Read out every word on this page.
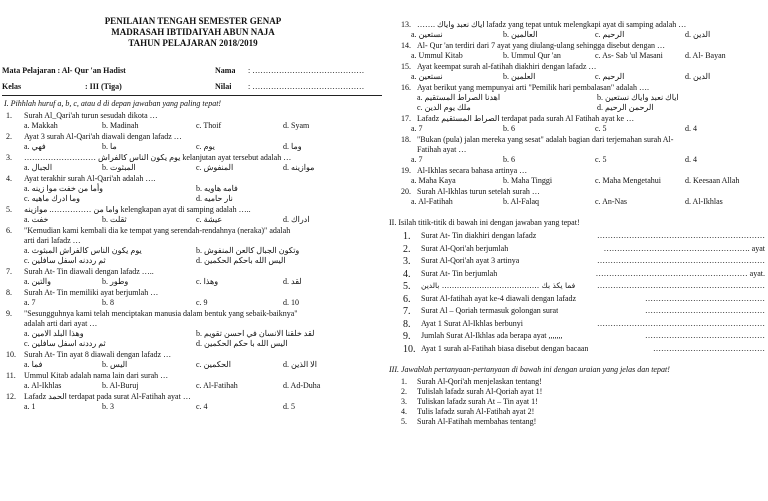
PENILAIAN TENGAH SEMESTER GENAP
MADRASAH IBTIDAIYAH ABUN NAJA
TAHUN PELAJARAN 2018/2019
Mata Pelajaran : Al- Qur 'an Hadist	Nama : ……………………………………
Kelas	: III (Tiga)	Nilai : ……………………………………
I. Pihhlah huruf a, b, c, atau d di depan jawaban yang paling tepat!
1. Surah Al_Qari'ah turun sesudah dikota …
a. Makkah	b. Madinah	c. Thoif	d. Syam
2. Ayat 3 surah Al-Qari'ah diawali dengan lafadz …
a. فهي	b. ما	c. يوم	d. وما
3. ……………………… يوم يكون الناس كالفراش kelanjutan ayat tersebut adalah …
a. الجبال	b. المبثوت	c. المنفوش	d. موازينه
4. Ayat terakhir surah Al-Qari'ah adalah ….
a. وأما من خفت موا زينه	b. فامه هاويه
c. وما ادرك ماهيه	d. نار حاميه
5. وأما من ……………. موازينه kelengkapan ayat di samping adalah …..
a. خفت	b. ثقلت	c. عيشة	d. ادراك
6. "Kemudian kami kembali dia ke tempat yang serendah-rendahnya (neraka)" adalah
arti dari lafadz …
a. يوم يكون الناس كالفراش المبثوث	b. وتكون الجبال كالعن المنفوش
c. ثم رددنه اسفل سافلين	d. اليس الله باحكم الحكمين
7. Surah At- Tin diawali dengan lafadz …..
a. والتين	b. وطور	c. وهذا	d. لقد
8. Surah At- Tin memiliki ayat berjumlah …
a. 7	b. 8	c. 9	d. 10
9. "Sesungguhnya kami telah menciptakan manusia dalam bentuk yang sebaik-baiknya"
adalah arti dari ayat …
a. وهذا البلد الامين	b. لقد خلقنا الانسان في احسن تقويم
c. ثم رددنه اسفل سافلين	d. اليس الله با حكم الحكمين
10. Surah At- Tin ayat 8 diawali dengan lafadz …
a. فما	b. اليس	c. الحكمين	d. الا الذين
11. Ummul Kitab adalah nama lain dari surah …
a. Al-Ikhlas	b. Al-Buruj	c. Al-Fatihah	d. Ad-Duha
12. Lafadz الحمد terdapat pada surat Al-Fatihah ayat …
a. 1	b. 3	c. 4	d. 5
13. ……. اياك نعبد واياك lafadz yang tepat untuk melengkapi ayat di samping adalah …
a. نستعين	b. العالمين	c. الرحيم	d. الدين
14. Al- Qur 'an terdiri dari 7 ayat yang diulang-ulang sehingga disebut dengan …
a. Ummul Kitab	b. Ummul Qur 'an	c. As- Sab 'ul Masani	d. Al- Bayan
15. Ayat keempat surah al-fatihah diakhiri dengan lafadz …
a. نستعين	b. العلمين	c. الرحيم	d. الدين
16. Ayat berikut yang mempunyai arti "Pemilik hari pembalasan" adalah ….
a. اهدنا الصراط المستقيم	b. اياك نعبد واياك نستعين
c. ملك يوم الدين	d. الرحمن الرحيم
17. Lafadz الصراط المستقيم terdapat pada surah Al Fatihah ayat ke …
a. 7	b. 6	c. 5	d. 4
18. "Bukan (pula) jalan mereka yang sesat" adalah bagian dari terjemahan surah Al-
Fatihah ayat …
a. 7	b. 6	c. 5	d. 4
19. Al-Ikhlas secara bahasa artinya …
a. Maha Kaya	b. Maha Tinggi	c. Maha Mengetahui	d. Keesaan Allah
20. Surah Al-Ikhlas turun setelah surah …
a. Al-Fatihah	b. Al-Falaq	c. An-Nas	d. Al-Ikhlas
II. Isilah titik-titik di bawah ini dengan jawaban yang tepat!
1. Surat At- Tin diakhiri dengan lafadz	………………………………………………………
2. Surat Al-Qori'ah berjumlah	………………………………………………. ayat
3. Surat Al-Qori'ah ayat 3 artinya	………………………………………………………
4. Surat At- Tin berjumlah	………………………………………………… ayat.
5. فما يكذ بك ………………………………… بالدين	………………………………………………………
6. Surat Al-fatihah ayat ke-4 diawali dengan lafadz	………………………………………
7. Surat Al – Qoriah termasuk golongan surat	………………………………………
8. Ayat 1 Surat Al-Ikhlas berbunyi	………………………………………………………
9. Jumlah Surat Al-Ikhlas ada berapa ayat ,,,,,,,	………………………………………
10. Ayat 1 surah al-Fatihah biasa disebut dengan bacaan	……………………………………
III. Jawablah pertanyaan-pertanyaan di bawah ini dengan uraian yang jelas dan tepat!
1. Surah Al-Qori'ah menjelaskan tentang!
2. Tulislah lafadz surah Al-Qoriah ayat 1!
3. Tuliskan lafadz surah At – Tin ayat 1!
4. Tulis lafadz surah Al-Fatihah ayat 2!
5. Surah Al-Fatihah membahas tentang!
